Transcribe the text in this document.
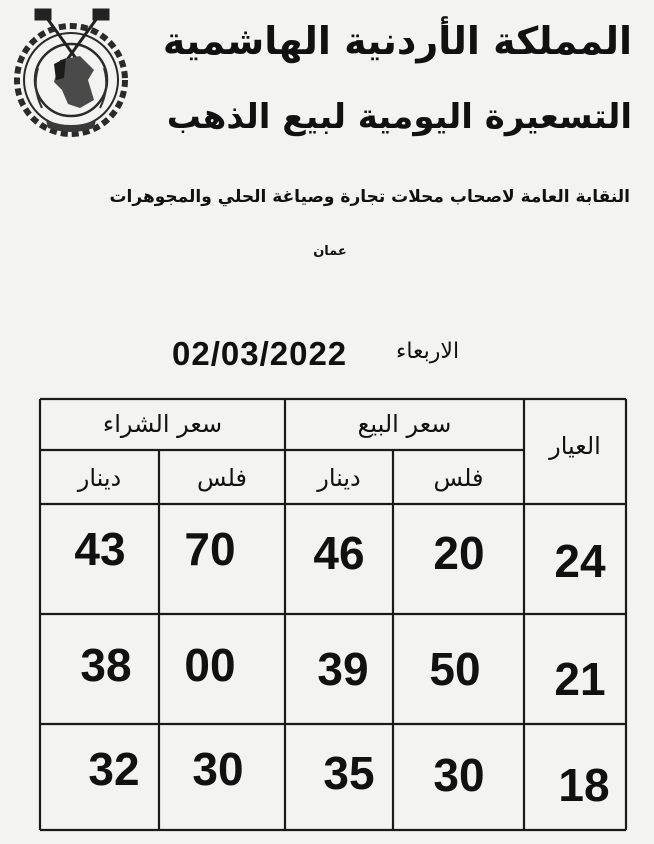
المملكة الأردنية الهاشمية
التسعيرة اليومية لبيع الذهب
النقابة العامة لاصحاب محلات تجارة وصياغة الحلي والمجوهرات
عمان
02/03/2022 الاربعاء
العيار
سعر البيع
سعر الشراء
فلس
دينار
فلس
دينار
24
20
46
70
43
21
50
39
00
38
18
30
35
30
32
